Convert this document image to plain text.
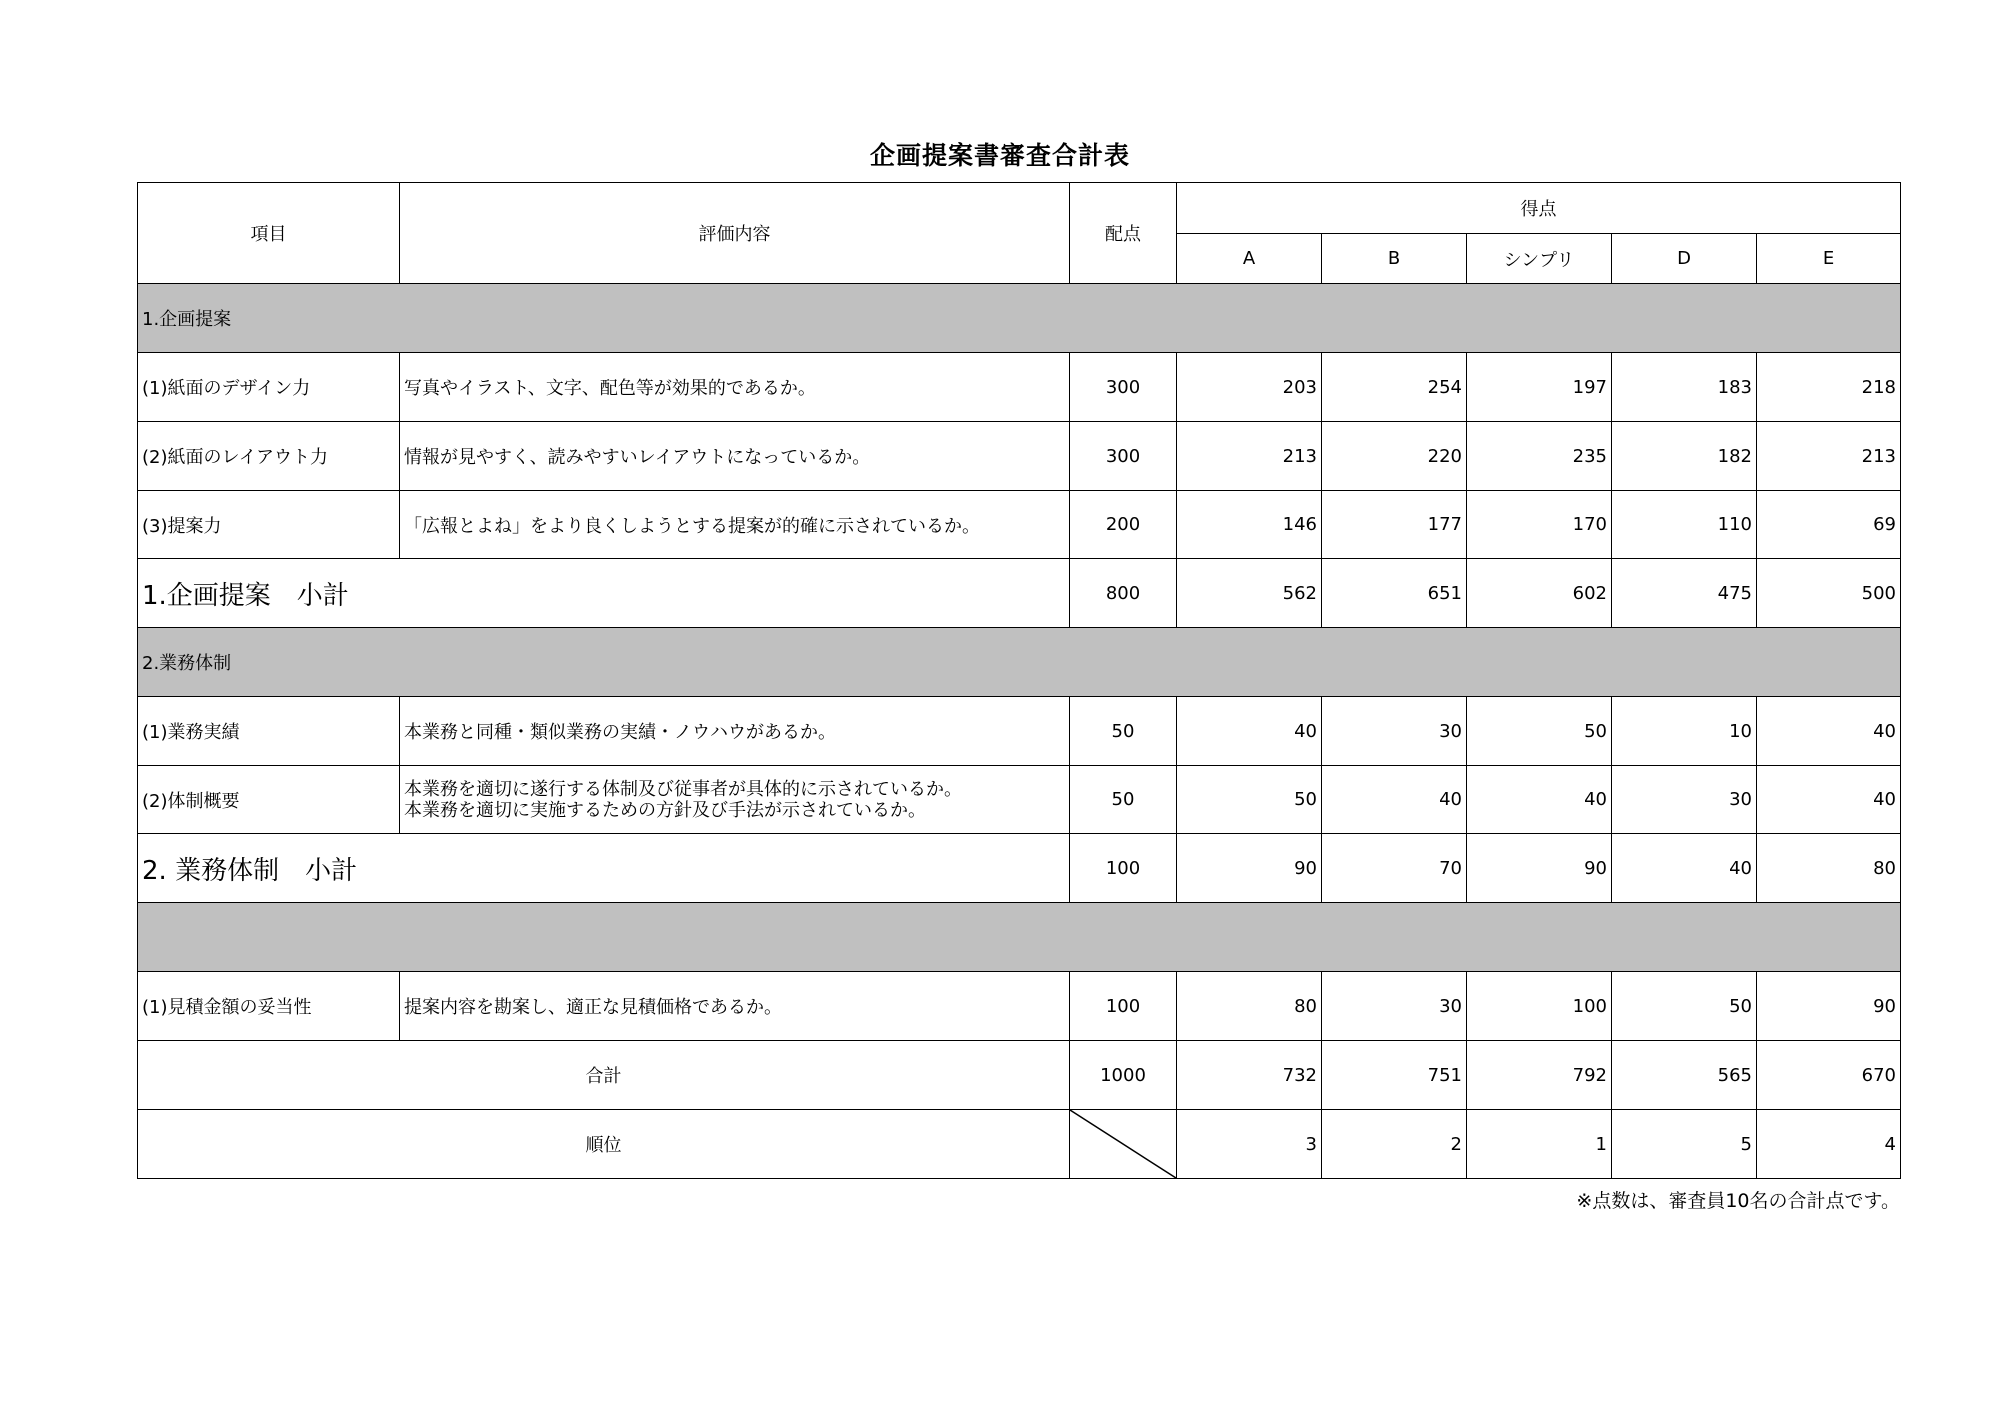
企画提案書審査合計表
項目	評価内容	配点	得点				
			A	B	シンプリ	D	E
1.企画提案							
(1)紙面のデザイン力	写真やイラスト、文字、配色等が効果的であるか。	300	203	254	197	183	218
(2)紙面のレイアウト力	情報が見やすく、読みやすいレイアウトになっているか。	300	213	220	235	182	213
(3)提案力	「広報とよね」をより良くしようとする提案が的確に示されているか。	200	146	177	170	110	69
1.企画提案　小計		800	562	651	602	475	500
2.業務体制							
(1)業務実績	本業務と同種・類似業務の実績・ノウハウがあるか。	50	40	30	50	10	40
(2)体制概要	本業務を適切に遂行する体制及び従事者が具体的に示されているか。
本業務を適切に実施するための方針及び手法が示されているか。	50	50	40	40	30	40
2. 業務体制　小計		100	90	70	90	40	80

(1)見積金額の妥当性	提案内容を勘案し、適正な見積価格であるか。	100	80	30	100	50	90
合計		1000	732	751	792	565	670
順位			3	2	1	5	4
※点数は、審査員10名の合計点です。
